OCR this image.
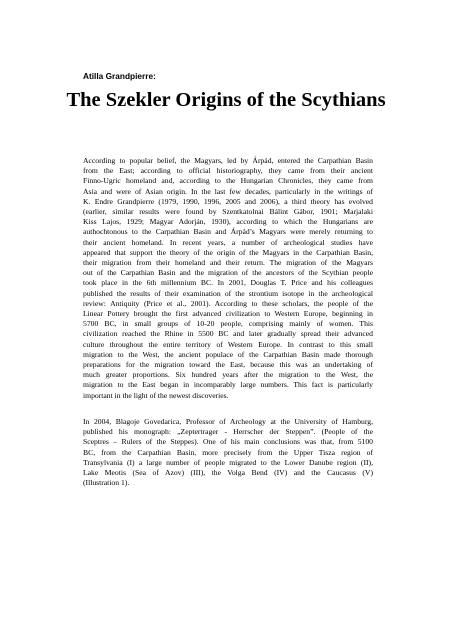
Atilla Grandpierre:
The Szekler Origins of the Scythians
According to popular belief, the Magyars, led by Árpád, entered the Carpathian Basin
from the East; according to official historiography, they came from their ancient
Finno-Ugric homeland and, according to the Hungarian Chronicles, they came from
Asia and were of Asian origin. In the last few decades, particularly in the writings of
K. Endre Grandpierre (1979, 1990, 1996, 2005 and 2006), a third theory has evolved
(earlier, similar results were found by Szentkatolnai Bálint Gábor, 1901; Marjalaki
Kiss Lajos, 1929; Magyar Adorján, 1930), according to which the Hungarians are
authochtonous to the Carpathian Basin and Árpád’s Magyars were merely returning to
their ancient homeland. In recent years, a number of archeological studies have
appeared that support the theory of the origin of the Magyars in the Carpathian Basin,
their migration from their homeland and their return. The migration of the Magyars
out of the Carpathian Basin and the migration of the ancestors of the Scythian people
took place in the 6th millennium BC. In 2001, Douglas T. Price and his colleagues
published the results of their examination of the strontium isotope in the archeological
review: Antiquity (Price et al., 2001). According to these scholars, the people of the
Linear Pottery brought the first advanced civilization to Western Europe, beginning in
5700 BC, in small groups of 10-20 people, comprising mainly of women. This
civilization reached the Rhine in 5500 BC and later gradually spread their advanced
culture throughout the entire territory of Western Europe. In contrast to this small
migration to the West, the ancient populace of the Carpathian Basin made thorough
preparations for the migration toward the East, because this was an undertaking of
much greater proportions. Six hundred years after the migration to the West, the
migration to the East began in incomparably large numbers. This fact is particularly
important in the light of the newest discoveries.
In 2004, Blagoje Govedarica, Professor of Archeology at the University of Hamburg,
published his monograph: „Zeptertrager - Herrscher der Steppen”. (People of the
Sceptres – Rulers of the Steppes). One of his main conclusions was that, from 5100
BC, from the Carpathian Basin, more precisely from the Upper Tisza region of
Transylvania (I) a large number of people migrated to the Lower Danube region (II),
Lake Meotis (Sea of Azov) (III), the Volga Bend (IV) and the Caucasus (V)
(Illustration 1).
